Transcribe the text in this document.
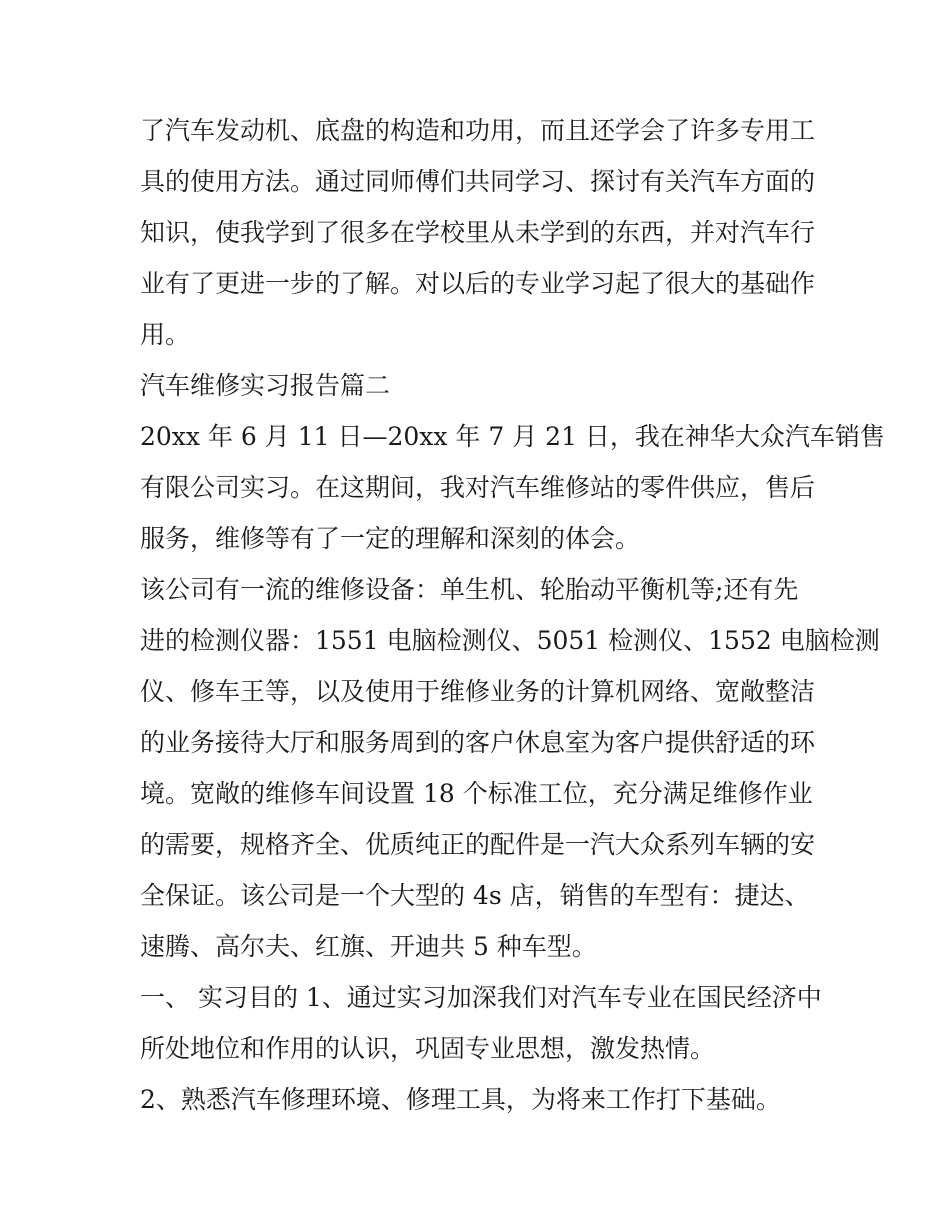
了汽车发动机、底盘的构造和功用，而且还学会了许多专用工
具的使用方法。通过同师傅们共同学习、探讨有关汽车方面的
知识，使我学到了很多在学校里从未学到的东西，并对汽车行
业有了更进一步的了解。对以后的专业学习起了很大的基础作
用。

汽车维修实习报告篇二

20xx 年 6 月 11 日—20xx 年 7 月 21 日，我在神华大众汽车销售
有限公司实习。在这期间，我对汽车维修站的零件供应，售后
服务，维修等有了一定的理解和深刻的体会。

该公司有一流的维修设备：单生机、轮胎动平衡机等;还有先
进的检测仪器：1551 电脑检测仪、5051 检测仪、1552 电脑检测
仪、修车王等，以及使用于维修业务的计算机网络、宽敞整洁
的业务接待大厅和服务周到的客户休息室为客户提供舒适的环
境。宽敞的维修车间设置 18 个标准工位，充分满足维修作业
的需要，规格齐全、优质纯正的配件是一汽大众系列车辆的安
全保证。该公司是一个大型的 4s 店，销售的车型有：捷达、
速腾、高尔夫、红旗、开迪共 5 种车型。

一、 实习目的 1、通过实习加深我们对汽车专业在国民经济中
所处地位和作用的认识，巩固专业思想，激发热情。

2、熟悉汽车修理环境、修理工具，为将来工作打下基础。
